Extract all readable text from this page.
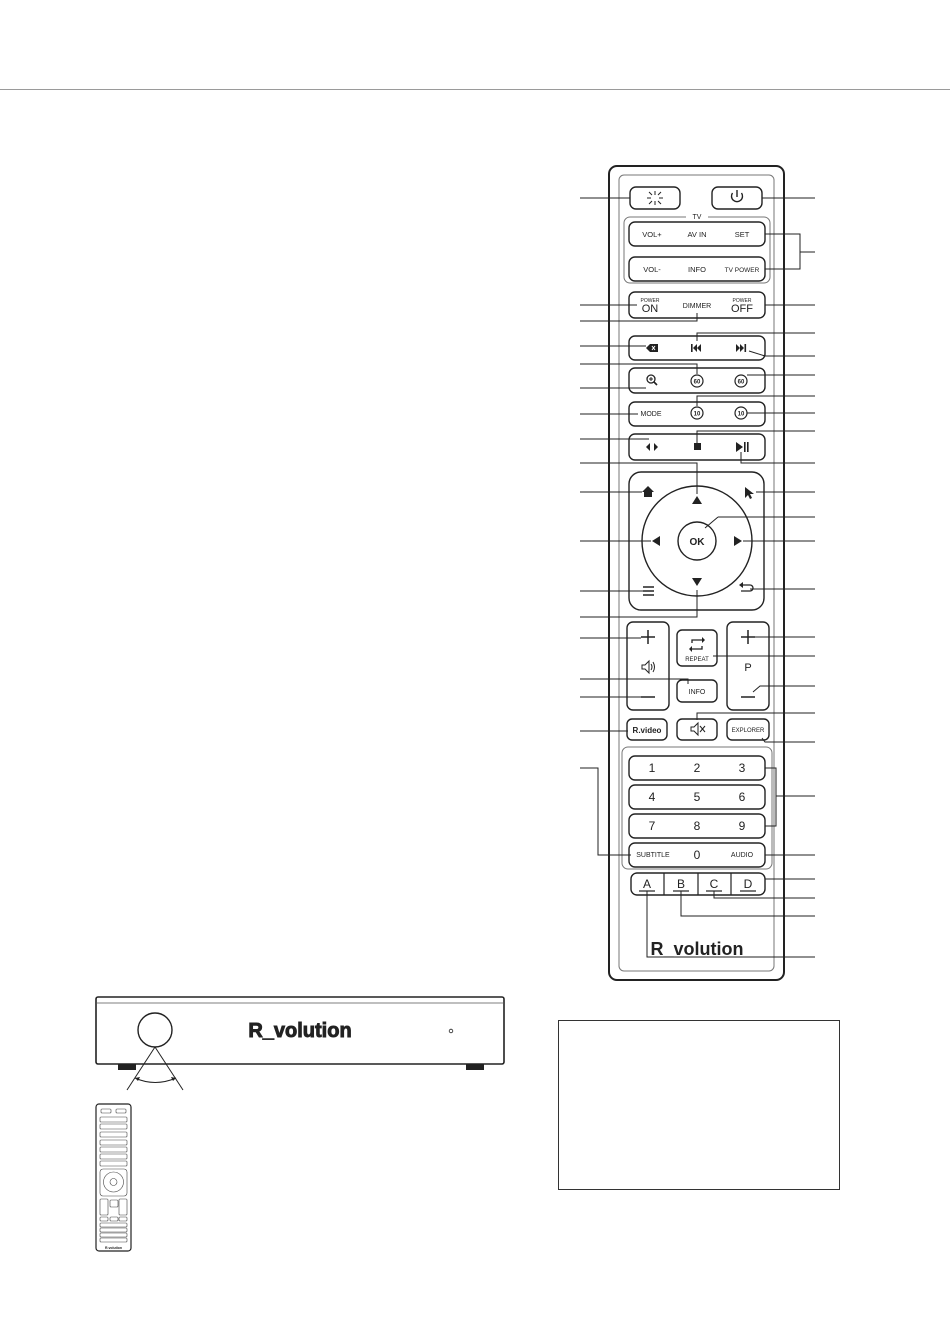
TV
VOL+	AV IN	SET
VOL-	INFO	TV POWER
POWER
ON	DIMMER
POWER
OFF
60	60
MODE	10	10
OK
P
REPEAT
INFO
R.video	EXPLORER
1	2	3
4	5	6
7	8	9
SUBTITLE 0	AUDIO
A B C D
R_volution
R_volution
R.volution
